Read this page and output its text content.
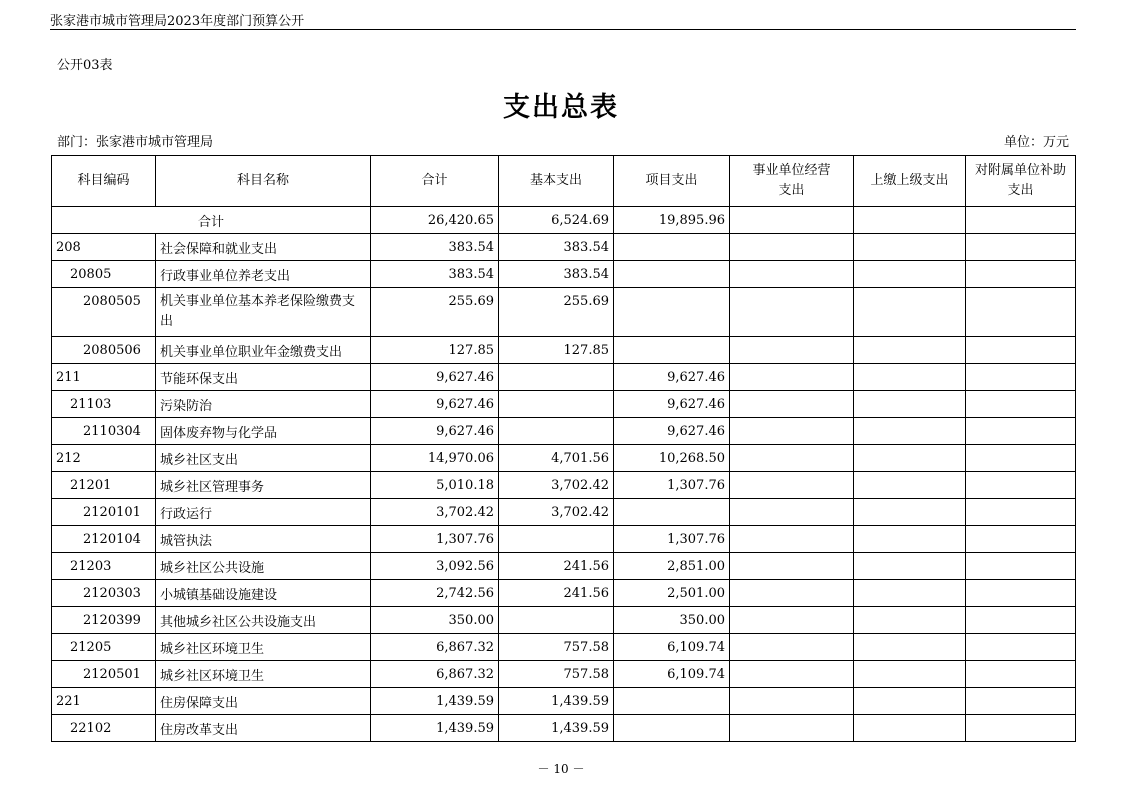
张家港市城市管理局2023年度部门预算公开
公开03表
支出总表
部门：张家港市城市管理局	单位：万元
科目编码	科目名称	合计	基本支出	项目支出	事业单位经营支出	上缴上级支出	对附属单位补助支出
合计		26,420.65	6,524.69	19,895.96			
208	社会保障和就业支出	383.54	383.54				
20805	行政事业单位养老支出	383.54	383.54				
2080505	机关事业单位基本养老保险缴费支出	255.69	255.69				
2080506	机关事业单位职业年金缴费支出	127.85	127.85				
211	节能环保支出	9,627.46		9,627.46			
21103	污染防治	9,627.46		9,627.46			
2110304	固体废弃物与化学品	9,627.46		9,627.46			
212	城乡社区支出	14,970.06	4,701.56	10,268.50			
21201	城乡社区管理事务	5,010.18	3,702.42	1,307.76			
2120101	行政运行	3,702.42	3,702.42				
2120104	城管执法	1,307.76		1,307.76			
21203	城乡社区公共设施	3,092.56	241.56	2,851.00			
2120303	小城镇基础设施建设	2,742.56	241.56	2,501.00			
2120399	其他城乡社区公共设施支出	350.00		350.00			
21205	城乡社区环境卫生	6,867.32	757.58	6,109.74			
2120501	城乡社区环境卫生	6,867.32	757.58	6,109.74			
221	住房保障支出	1,439.59	1,439.59				
22102	住房改革支出	1,439.59	1,439.59				
－ 10 －
